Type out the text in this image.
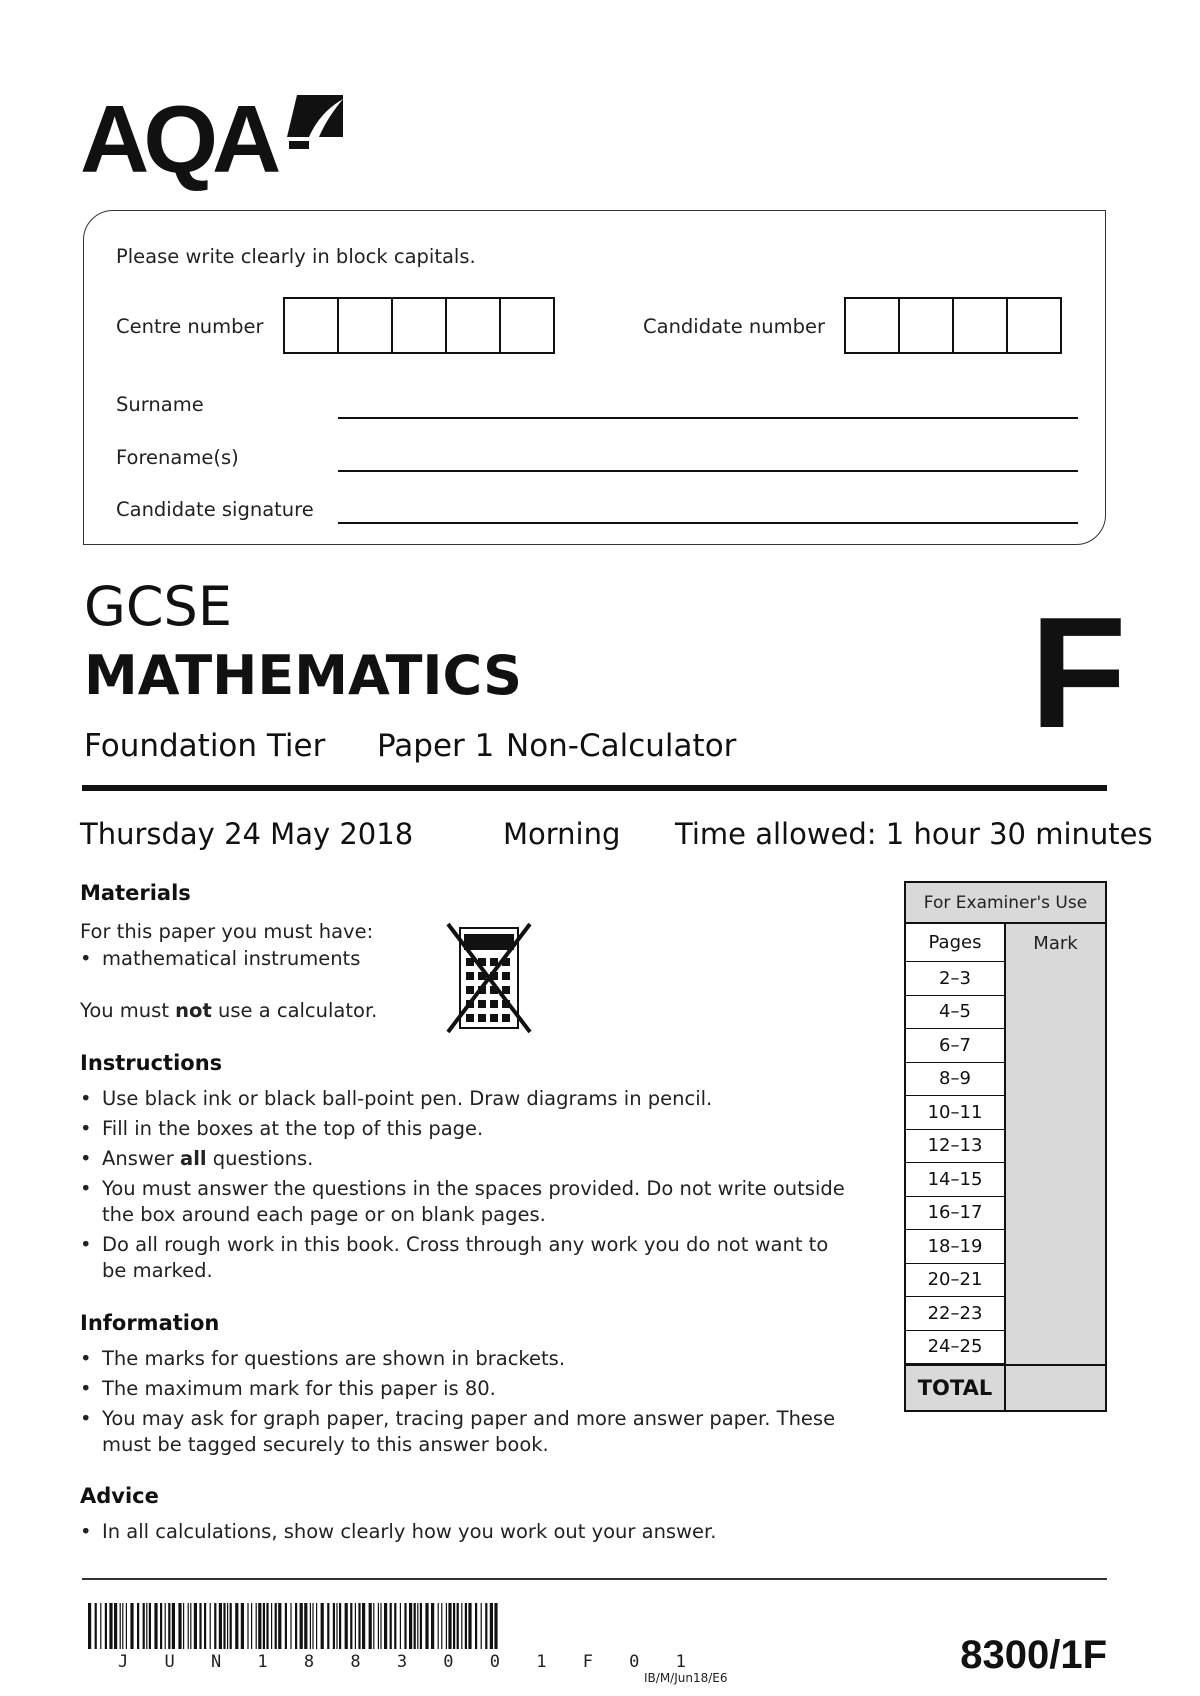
AQA
Please write clearly in block capitals.
Centre number	Candidate number
Surname
Forename(s)
Candidate signature
GCSE
MATHEMATICS	F
Foundation Tier Paper 1 Non-Calculator
Thursday 24 May 2018	Morning Time allowed: 1 hour 30 minutes
Materials
For this paper you must have:
• mathematical instruments
You must not use a calculator.
Instructions
• Use black ink or black ball-point pen. Draw diagrams in pencil.
• Fill in the boxes at the top of this page.
• Answer all questions.
• You must answer the questions in the spaces provided. Do not write outside the box around each page or on blank pages.
• Do all rough work in this book. Cross through any work you do not want to be marked.
Information
• The marks for questions are shown in brackets.
• The maximum mark for this paper is 80.
• You may ask for graph paper, tracing paper and more answer paper. These must be tagged securely to this answer book.
Advice
• In all calculations, show clearly how you work out your answer.
For Examiner's Use
Pages	Mark
2–3
4–5
6–7
8–9
10–11
12–13
14–15
16–17
18–19
20–21
22–23
24–25
TOTAL
J U N 1 8 8 3 0 0 1 F 0 1
IB/M/Jun18/E6
8300/1F
